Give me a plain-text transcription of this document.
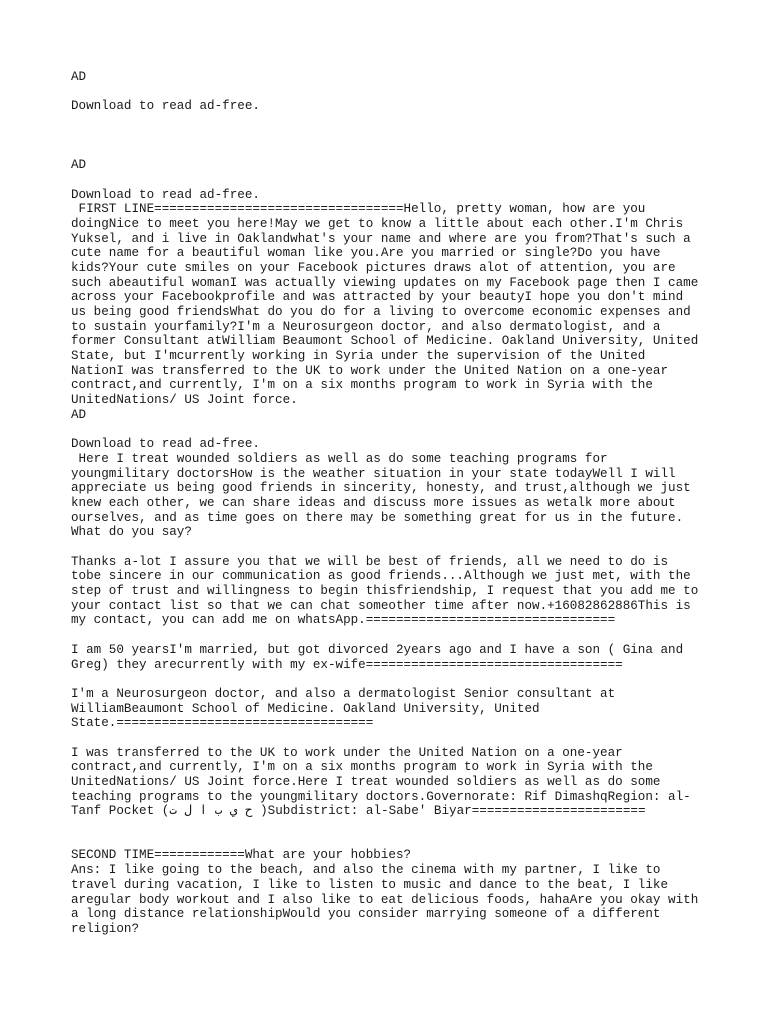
AD
Download to read ad-free.
AD
Download to read ad-free.
FIRST LINE=================================Hello, pretty woman, how are you
doingNice to meet you here!May we get to know a little about each other.I'm Chris
Yuksel, and i live in Oaklandwhat's your name and where are you from?That's such a
cute name for a beautiful woman like you.Are you married or single?Do you have
kids?Your cute smiles on your Facebook pictures draws alot of attention, you are
such abeautiful womanI was actually viewing updates on my Facebook page then I came
across your Facebookprofile and was attracted by your beautyI hope you don't mind
us being good friendsWhat do you do for a living to overcome economic expenses and
to sustain yourfamily?I'm a Neurosurgeon doctor, and also dermatologist, and a
former Consultant atWilliam Beaumont School of Medicine. Oakland University, United
State, but I'mcurrently working in Syria under the supervision of the United
NationI was transferred to the UK to work under the United Nation on a one-year
contract,and currently, I'm on a six months program to work in Syria with the
UnitedNations/ US Joint force.
AD
Download to read ad-free.
Here I treat wounded soldiers as well as do some teaching programs for
youngmilitary doctorsHow is the weather situation in your state todayWell I will
appreciate us being good friends in sincerity, honesty, and trust,although we just
knew each other, we can share ideas and discuss more issues as wetalk more about
ourselves, and as time goes on there may be something great for us in the future.
What do you say?
Thanks a-lot I assure you that we will be best of friends, all we need to do is
tobe sincere in our communication as good friends...Although we just met, with the
step of trust and willingness to begin thisfriendship, I request that you add me to
your contact list so that we can chat someother time after now.+16082862886This is
my contact, you can add me on whatsApp.=================================
I am 50 yearsI'm married, but got divorced 2years ago and I have a son ( Gina and
Greg) they arecurrently with my ex-wife==================================
I'm a Neurosurgeon doctor, and also a dermatologist Senior consultant at
WilliamBeaumont School of Medicine. Oakland University, United
State.==================================
I was transferred to the UK to work under the United Nation on a one-year
contract,and currently, I'm on a six months program to work in Syria with the
UnitedNations/ US Joint force.Here I treat wounded soldiers as well as do some
teaching programs to the youngmilitary doctors.Governorate: Rif DimashqRegion: al-
Tanf Pocket (ح ي ب ا ل ت )Subdistrict: al-Sabe' Biyar=======================
SECOND TIME============What are your hobbies?
Ans: I like going to the beach, and also the cinema with my partner, I like to
travel during vacation, I like to listen to music and dance to the beat, I like
aregular body workout and I also like to eat delicious foods, hahaAre you okay with
a long distance relationshipWould you consider marrying someone of a different
religion?
